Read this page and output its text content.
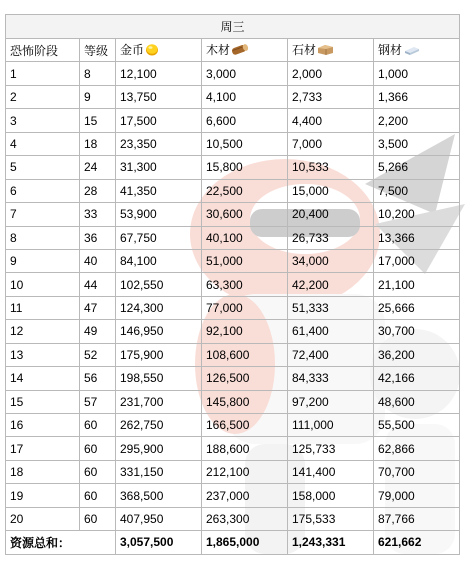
周三					
恐怖阶段	等级	金币	木材	石材	钢材
1	8	12,100	3,000	2,000	1,000
2	9	13,750	4,100	2,733	1,366
3	15	17,500	6,600	4,400	2,200
4	18	23,350	10,500	7,000	3,500
5	24	31,300	15,800	10,533	5,266
6	28	41,350	22,500	15,000	7,500
7	33	53,900	30,600	20,400	10,200
8	36	67,750	40,100	26,733	13,366
9	40	84,100	51,000	34,000	17,000
10	44	102,550	63,300	42,200	21,100
11	47	124,300	77,000	51,333	25,666
12	49	146,950	92,100	61,400	30,700
13	52	175,900	108,600	72,400	36,200
14	56	198,550	126,500	84,333	42,166
15	57	231,700	145,800	97,200	48,600
16	60	262,750	166,500	111,000	55,500
17	60	295,900	188,600	125,733	62,866
18	60	331,150	212,100	141,400	70,700
19	60	368,500	237,000	158,000	79,000
20	60	407,950	263,300	175,533	87,766
资源总和：		3,057,500	1,865,000	1,243,331	621,662
